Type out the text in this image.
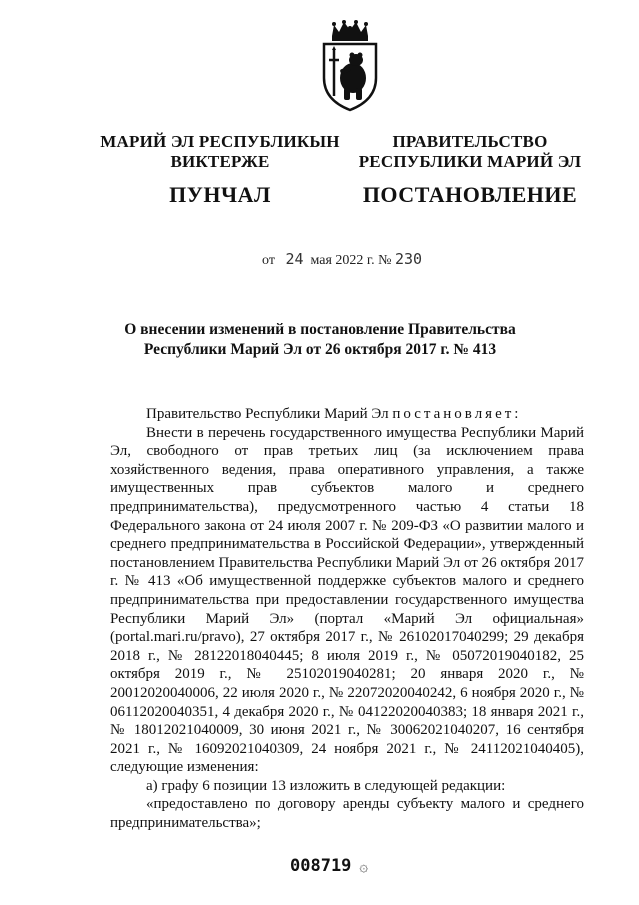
МАРИЙ ЭЛ РЕСПУБЛИКЫН
ВИКТЕРЖЕ
ПУНЧАЛ
ПРАВИТЕЛЬСТВО
РЕСПУБЛИКИ МАРИЙ ЭЛ
ПОСТАНОВЛЕНИЕ
от 24 мая 2022 г. № 230
О внесении изменений в постановление Правительства
Республики Марий Эл от 26 октября 2017 г. № 413

Правительство Республики Марий Эл постановляет:

Внести в перечень государственного имущества Республики Марий Эл, свободного от прав третьих лиц (за исключением права хозяйственного ведения, права оперативного управления, а также имущественных прав субъектов малого и среднего предпринимательства), предусмотренного частью 4 статьи 18 Федерального закона от 24 июля 2007 г. № 209-ФЗ «О развитии малого и среднего предпринимательства в Российской Федерации», утвержденный постановлением Правительства Республики Марий Эл от 26 октября 2017 г. № 413 «Об имущественной поддержке субъектов малого и среднего предпринимательства при предоставлении государственного имущества Республики Марий Эл» (портал «Марий Эл официальная» (portal.mari.ru/pravo), 27 октября 2017 г., № 26102017040299; 29 декабря 2018 г., № 28122018040445; 8 июля 2019 г., № 05072019040182, 25 октября 2019 г., № 25102019040281; 20 января 2020 г., № 20012020040006, 22 июля 2020 г., № 22072020040242, 6 ноября 2020 г., № 06112020040351, 4 декабря 2020 г., № 04122020040383; 18 января 2021 г., № 18012021040009, 30 июня 2021 г., № 30062021040207, 16 сентября 2021 г., № 16092021040309, 24 ноября 2021 г., № 24112021040405), следующие изменения:

а) графу 6 позиции 13 изложить в следующей редакции:

«предоставлено по договору аренды субъекту малого и среднего предпринимательства»;

008719 ۞
